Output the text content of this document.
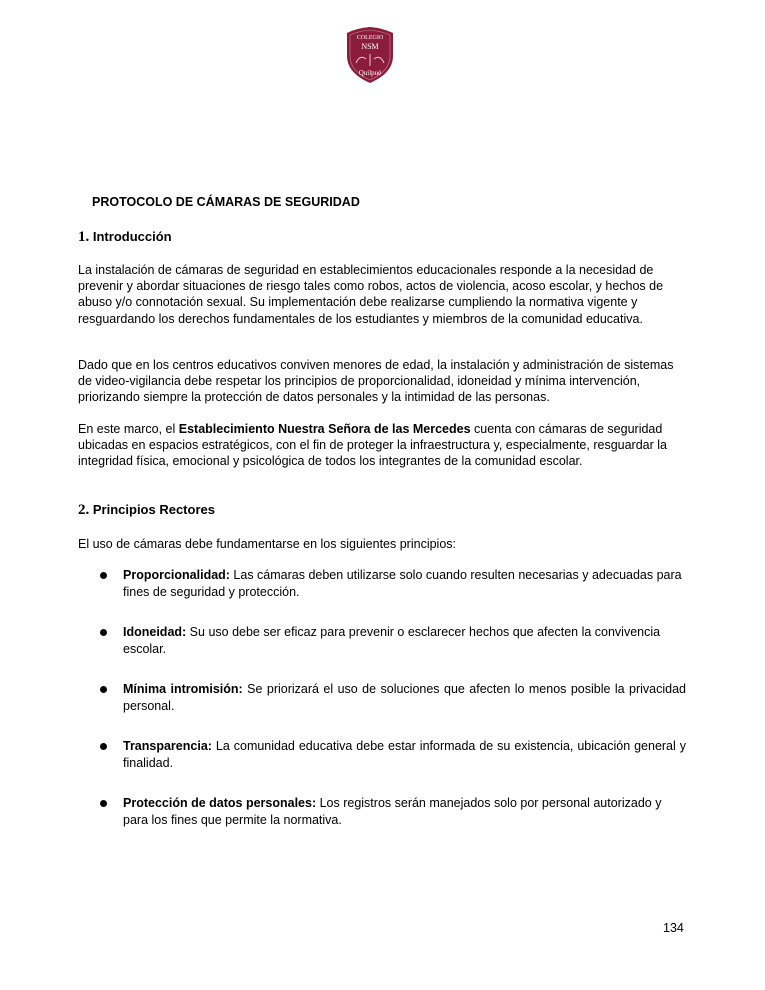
COLEGIO
NSM
Quilpué
PROTOCOLO DE CÁMARAS DE SEGURIDAD
1. Introducción

La instalación de cámaras de seguridad en establecimientos educacionales responde a la necesidad de prevenir y abordar situaciones de riesgo tales como robos, actos de violencia, acoso escolar, y hechos de abuso y/o connotación sexual. Su implementación debe realizarse cumpliendo la normativa vigente y resguardando los derechos fundamentales de los estudiantes y miembros de la comunidad educativa.

Dado que en los centros educativos conviven menores de edad, la instalación y administración de sistemas de video-vigilancia debe respetar los principios de proporcionalidad, idoneidad y mínima intervención, priorizando siempre la protección de datos personales y la intimidad de las personas.

En este marco, el Establecimiento Nuestra Señora de las Mercedes cuenta con cámaras de seguridad ubicadas en espacios estratégicos, con el fin de proteger la infraestructura y, especialmente, resguardar la integridad física, emocional y psicológica de todos los integrantes de la comunidad escolar.

2. Principios Rectores

El uso de cámaras debe fundamentarse en los siguientes principios:

Proporcionalidad: Las cámaras deben utilizarse solo cuando resulten necesarias y adecuadas para fines de seguridad y protección.
Idoneidad: Su uso debe ser eficaz para prevenir o esclarecer hechos que afecten la convivencia escolar.
Mínima intromisión: Se priorizará el uso de soluciones que afecten lo menos posible la privacidad personal.
Transparencia: La comunidad educativa debe estar informada de su existencia, ubicación general y finalidad.
Protección de datos personales: Los registros serán manejados solo por personal autorizado y para los fines que permite la normativa.

134
